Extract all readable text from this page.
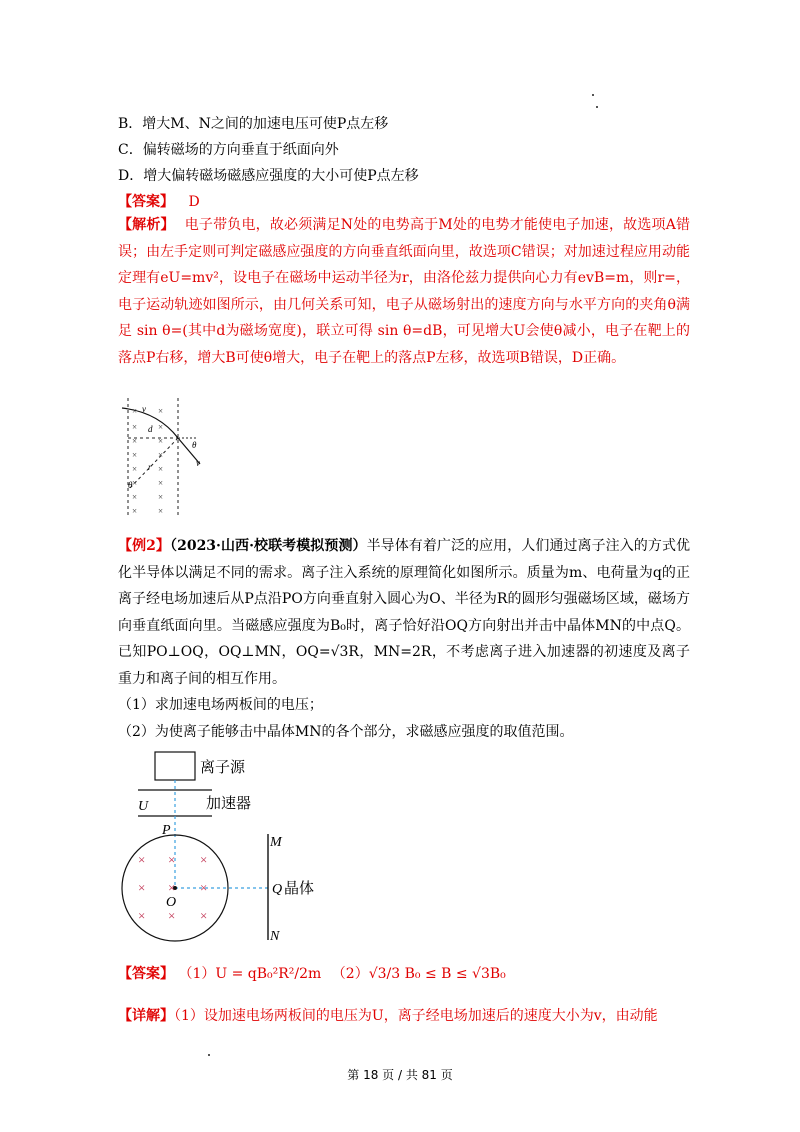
B．增大M、N之间的加速电压可使P点左移
C．偏转磁场的方向垂直于纸面向外
D．增大偏转磁场磁感应强度的大小可使P点左移
【答案】 D

【解析】 电子带负电，故必须满足N处的电势高于M处的电势才能使电子加速，故选项A错误；由左手定则可判定磁感应强度的方向垂直纸面向里，故选项C错误；对加速过程应用动能定理有eU=mv²，设电子在磁场中运动半径为r，由洛伦兹力提供向心力有evB=m，则r=，电子运动轨迹如图所示，由几何关系可知，电子从磁场射出的速度方向与水平方向的夹角θ满足 sin θ=(其中d为磁场宽度)，联立可得 sin θ=dB，可见增大U会使θ减小，电子在靶上的落点P右移，增大B可使θ增大，电子在靶上的落点P左移，故选项B错误，D正确。

× ×
× ×
× ×
× ×
× ×
× ×
× ×
× ×
v
d
θ
v
r
θ

【例2】（2023·山西·校联考模拟预测）半导体有着广泛的应用，人们通过离子注入的方式优化半导体以满足不同的需求。离子注入系统的原理简化如图所示。质量为m、电荷量为q的正离子经电场加速后从P点沿PO方向垂直射入圆心为O、半径为R的圆形匀强磁场区域，磁场方向垂直纸面向里。当磁感应强度为B₀时，离子恰好沿OQ方向射出并击中晶体MN的中点Q。已知PO⊥OQ，OQ⊥MN，OQ=√3R，MN=2R，不考虑离子进入加速器的初速度及离子重力和离子间的相互作用。

（1）求加速电场两板间的电压；

（2）为使离子能够击中晶体MN的各个部分，求磁感应强度的取值范围。

离子源
U	加速器
× × ×
× × ×
× × ×
P
O
M
Q 晶体
N
【答案】 （1）U = qB₀²R²/2m （2）√3/3 B₀ ≤ B ≤ √3B₀
【详解】（1）设加速电场两板间的电压为U，离子经电场加速后的速度大小为v，由动能
第 18 页 / 共 81 页
